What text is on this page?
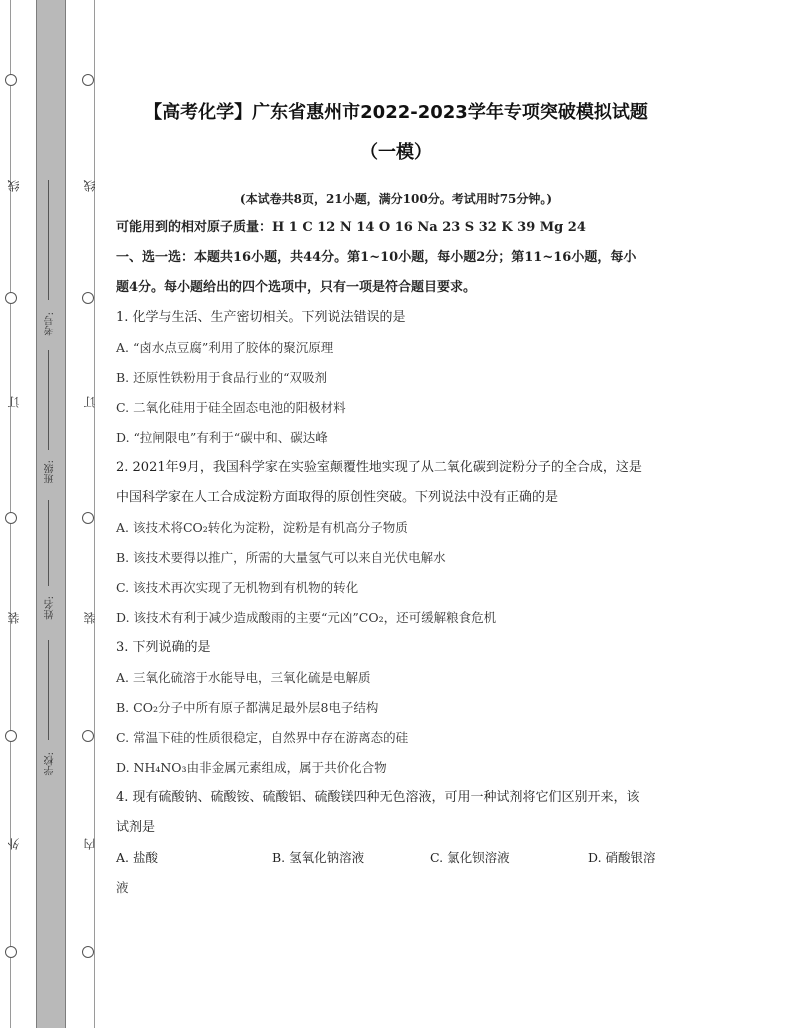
线
订
装
外
线
订
装
内
考号:
班级:
姓名:
学校:
【高考化学】广东省惠州市2022-2023学年专项突破模拟试题
（一模）
(本试卷共8页，21小题，满分100分。考试用时75分钟。)

可能用到的相对原子质量：H 1 C 12 N 14 O 16 Na 23 S 32 K 39 Mg 24

一、选一选：本题共16小题，共44分。第1~10小题，每小题2分；第11~16小题，每小

题4分。每小题给出的四个选项中，只有一项是符合题目要求。

1. 化学与生活、生产密切相关。下列说法错误的是

A. “卤水点豆腐”利用了胶体的聚沉原理

B. 还原性铁粉用于食品行业的“双吸剂

C. 二氧化硅用于硅全固态电池的阳极材料

D. “拉闸限电”有利于“碳中和、碳达峰

2. 2021年9月，我国科学家在实验室颠覆性地实现了从二氧化碳到淀粉分子的全合成，这是

中国科学家在人工合成淀粉方面取得的原创性突破。下列说法中没有正确的是

A. 该技术将CO₂转化为淀粉，淀粉是有机高分子物质

B. 该技术要得以推广，所需的大量氢气可以来自光伏电解水

C. 该技术再次实现了无机物到有机物的转化

D. 该技术有利于减少造成酸雨的主要“元凶”CO₂，还可缓解粮食危机

3. 下列说确的是

A. 三氧化硫溶于水能导电，三氧化硫是电解质

B. CO₂分子中所有原子都满足最外层8电子结构

C. 常温下硅的性质很稳定，自然界中存在游离态的硅

D. NH₄NO₃由非金属元素组成，属于共价化合物

4. 现有硫酸钠、硫酸铵、硫酸铝、硫酸镁四种无色溶液，可用一种试剂将它们区别开来，该

试剂是

A. 盐酸	B. 氢氧化钠溶液	C. 氯化钡溶液	D. 硝酸银溶

液
